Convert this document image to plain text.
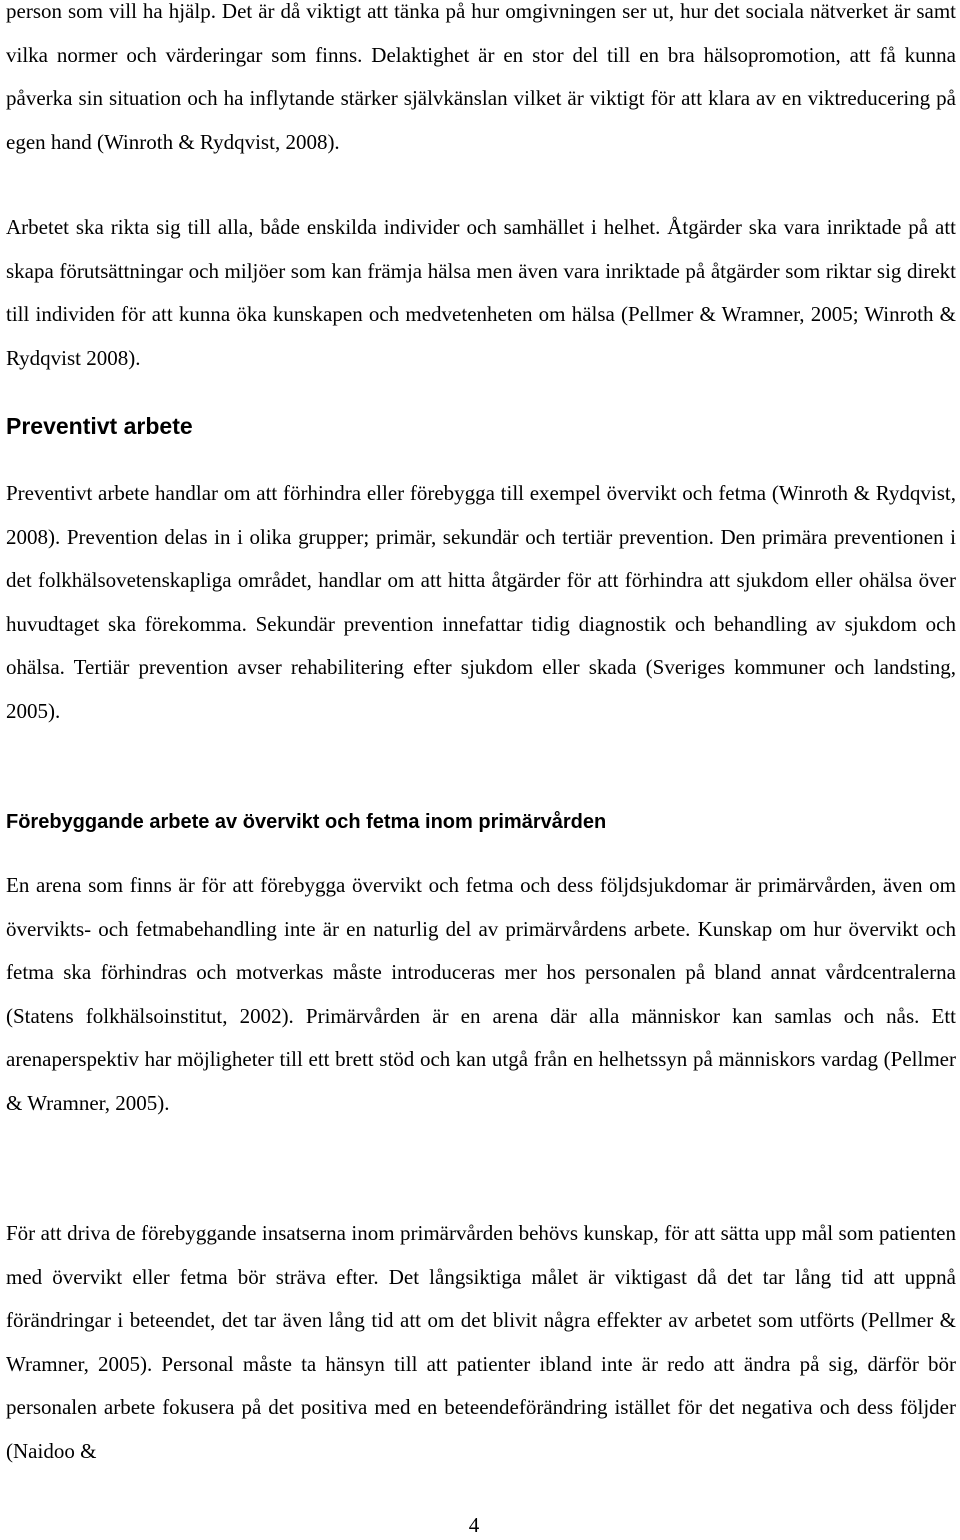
person som vill ha hjälp. Det är då viktigt att tänka på hur omgivningen ser ut, hur det sociala nätverket är samt vilka normer och värderingar som finns. Delaktighet är en stor del till en bra hälsopromotion, att få kunna påverka sin situation och ha inflytande stärker självkänslan vilket är viktigt för att klara av en viktreducering på egen hand (Winroth & Rydqvist, 2008).

Arbetet ska rikta sig till alla, både enskilda individer och samhället i helhet. Åtgärder ska vara inriktade på att skapa förutsättningar och miljöer som kan främja hälsa men även vara inriktade på åtgärder som riktar sig direkt till individen för att kunna öka kunskapen och medvetenheten om hälsa (Pellmer & Wramner, 2005; Winroth & Rydqvist 2008).

Preventivt arbete

Preventivt arbete handlar om att förhindra eller förebygga till exempel övervikt och fetma (Winroth & Rydqvist, 2008). Prevention delas in i olika grupper; primär, sekundär och tertiär prevention. Den primära preventionen i det folkhälsovetenskapliga området, handlar om att hitta åtgärder för att förhindra att sjukdom eller ohälsa över huvudtaget ska förekomma. Sekundär prevention innefattar tidig diagnostik och behandling av sjukdom och ohälsa. Tertiär prevention avser rehabilitering efter sjukdom eller skada (Sveriges kommuner och landsting, 2005).

Förebyggande arbete av övervikt och fetma inom primärvården

En arena som finns är för att förebygga övervikt och fetma och dess följdsjukdomar är primärvården, även om övervikts- och fetmabehandling inte är en naturlig del av primärvårdens arbete. Kunskap om hur övervikt och fetma ska förhindras och motverkas måste introduceras mer hos personalen på bland annat vårdcentralerna (Statens folkhälsoinstitut, 2002). Primärvården är en arena där alla människor kan samlas och nås. Ett arenaperspektiv har möjligheter till ett brett stöd och kan utgå från en helhetssyn på människors vardag (Pellmer & Wramner, 2005).

För att driva de förebyggande insatserna inom primärvården behövs kunskap, för att sätta upp mål som patienten med övervikt eller fetma bör sträva efter. Det långsiktiga målet är viktigast då det tar lång tid att uppnå förändringar i beteendet, det tar även lång tid att om det blivit några effekter av arbetet som utförts (Pellmer & Wramner, 2005). Personal måste ta hänsyn till att patienter ibland inte är redo att ändra på sig, därför bör personalen arbete fokusera på det positiva med en beteendeförändring istället för det negativa och dess följder (Naidoo &

4
